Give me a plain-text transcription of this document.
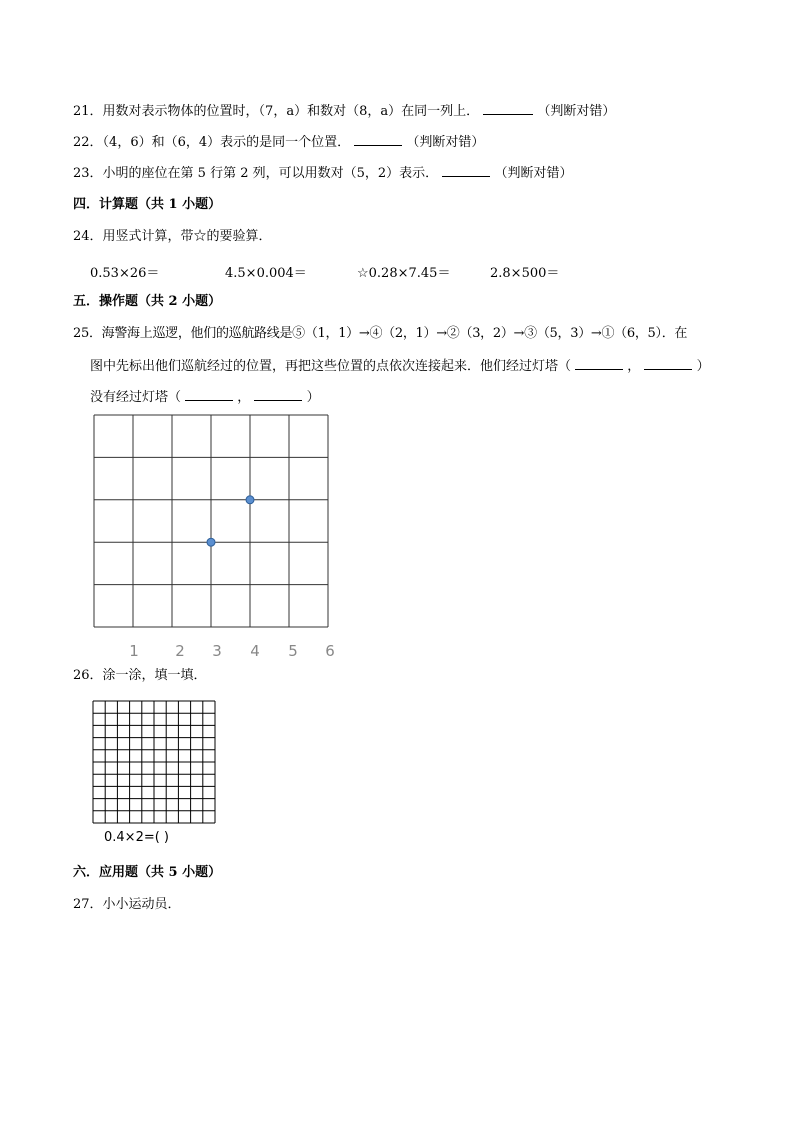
21．用数对表示物体的位置时，（7，a）和数对（8，a）在同一列上．	（判断对错）
22．（4，6）和（6，4）表示的是同一个位置．	（判断对错）
23．小明的座位在第 5 行第 2 列，可以用数对（5，2）表示．	（判断对错）
四．计算题（共 1 小题）
24．用竖式计算，带☆的要验算．
0.53×26＝	4.5×0.004＝	☆0.28×7.45＝	2.8×500＝
五．操作题（共 2 小题）
25．海警海上巡逻，他们的巡航路线是⑤（1，1）→④（2，1）→②（3，2）→③（5，3）→①（6，5）．在
图中先标出他们巡航经过的位置，再把这些位置的点依次连接起来．他们经过灯塔（	，	）
没有经过灯塔（	，	）
1 2 3 4 5 6
26．涂一涂，填一填．
0.4×2=( )
六．应用题（共 5 小题）
27．小小运动员．
